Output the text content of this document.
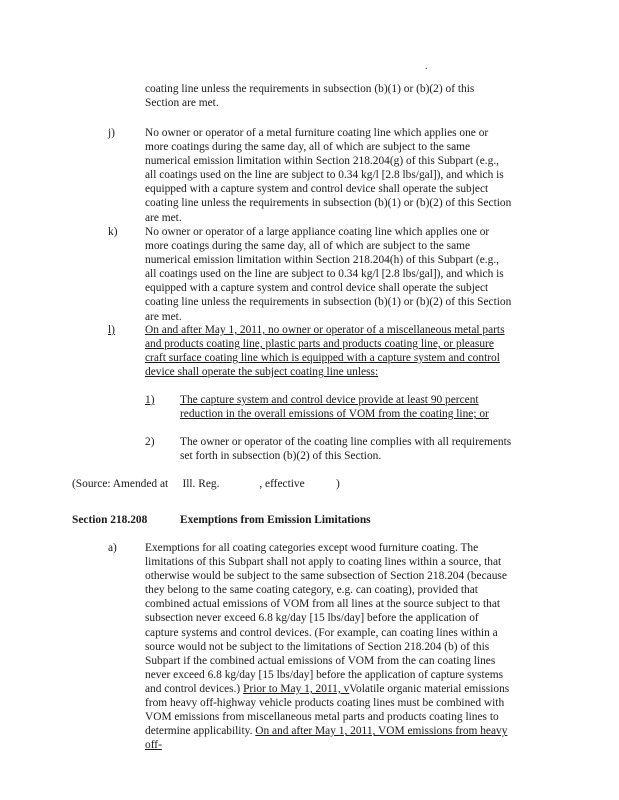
.

coating line unless the requirements in subsection (b)(1) or (b)(2) of this Section are met.

j)	No owner or operator of a metal furniture coating line which applies one or more coatings during the same day, all of which are subject to the same numerical emission limitation within Section 218.204(g) of this Subpart (e.g., all coatings used on the line are subject to 0.34 kg/l [2.8 lbs/gal]), and which is equipped with a capture system and control device shall operate the subject coating line unless the requirements in subsection (b)(1) or (b)(2) of this Section are met.

k) No owner or operator of a large appliance coating line which applies one or more coatings during the same day, all of which are subject to the same numerical emission limitation within Section 218.204(h) of this Subpart (e.g., all coatings used on the line are subject to 0.34 kg/l [2.8 lbs/gal]), and which is equipped with a capture system and control device shall operate the subject coating line unless the requirements in subsection (b)(1) or (b)(2) of this Section are met.

l)	On and after May 1, 2011, no owner or operator of a miscellaneous metal parts and products coating line, plastic parts and products coating line, or pleasure craft surface coating line which is equipped with a capture system and control device shall operate the subject coating line unless:

1) The capture system and control device provide at least 90 percent reduction in the overall emissions of VOM from the coating line; or

2) The owner or operator of the coating line complies with all requirements set forth in subsection (b)(2) of this Section.

(Source: Amended at Ill. Reg.	, effective	)

Section 218.208	Exemptions from Emission Limitations
a) Exemptions for all coating categories except wood furniture coating. The limitations of this Subpart shall not apply to coating lines within a source, that otherwise would be subject to the same subsection of Section 218.204 (because they belong to the same coating category, e.g. can coating), provided that combined actual emissions of VOM from all lines at the source subject to that subsection never exceed 6.8 kg/day [15 lbs/day] before the application of capture systems and control devices. (For example, can coating lines within a source would not be subject to the limitations of Section 218.204 (b) of this Subpart if the combined actual emissions of VOM from the can coating lines never exceed 6.8 kg/day [15 lbs/day] before the application of capture systems and control devices.) Prior to May 1, 2011, vVolatile organic material emissions from heavy off-highway vehicle products coating lines must be combined with VOM emissions from miscellaneous metal parts and products coating lines to determine applicability. On and after May 1, 2011, VOM emissions from heavy off-
